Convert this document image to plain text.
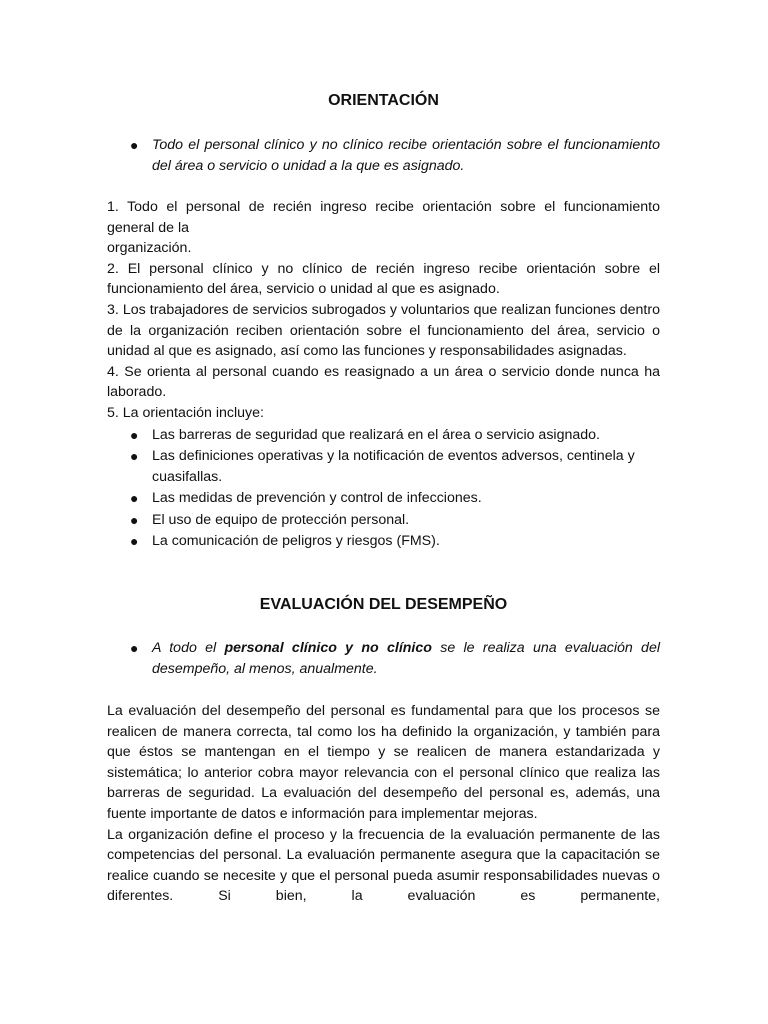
ORIENTACIÓN
● Todo el personal clínico y no clínico recibe orientación sobre el funcionamiento del área o servicio o unidad a la que es asignado.

1. Todo el personal de recién ingreso recibe orientación sobre el funcionamiento

general de la

organización.

2. El personal clínico y no clínico de recién ingreso recibe orientación sobre el funcionamiento del área, servicio o unidad al que es asignado.

3. Los trabajadores de servicios subrogados y voluntarios que realizan funciones dentro de la organización reciben orientación sobre el funcionamiento del área, servicio o unidad al que es asignado, así como las funciones y responsabilidades asignadas.

4. Se orienta al personal cuando es reasignado a un área o servicio donde nunca ha laborado.

5. La orientación incluye:

● Las barreras de seguridad que realizará en el área o servicio asignado.
● Las definiciones operativas y la notificación de eventos adversos, centinela y cuasifallas.
● Las medidas de prevención y control de infecciones.
● El uso de equipo de protección personal.
● La comunicación de peligros y riesgos (FMS).
EVALUACIÓN DEL DESEMPEÑO
● A todo el personal clínico y no clínico se le realiza una evaluación del desempeño, al menos, anualmente.

La evaluación del desempeño del personal es fundamental para que los procesos se realicen de manera correcta, tal como los ha definido la organización, y también para que éstos se mantengan en el tiempo y se realicen de manera estandarizada y sistemática; lo anterior cobra mayor relevancia con el personal clínico que realiza las barreras de seguridad. La evaluación del desempeño del personal es, además, una fuente importante de datos e información para implementar mejoras.

La organización define el proceso y la frecuencia de la evaluación permanente de las competencias del personal. La evaluación permanente asegura que la capacitación se realice cuando se necesite y que el personal pueda asumir responsabilidades nuevas o diferentes. Si bien, la evaluación es permanente,
